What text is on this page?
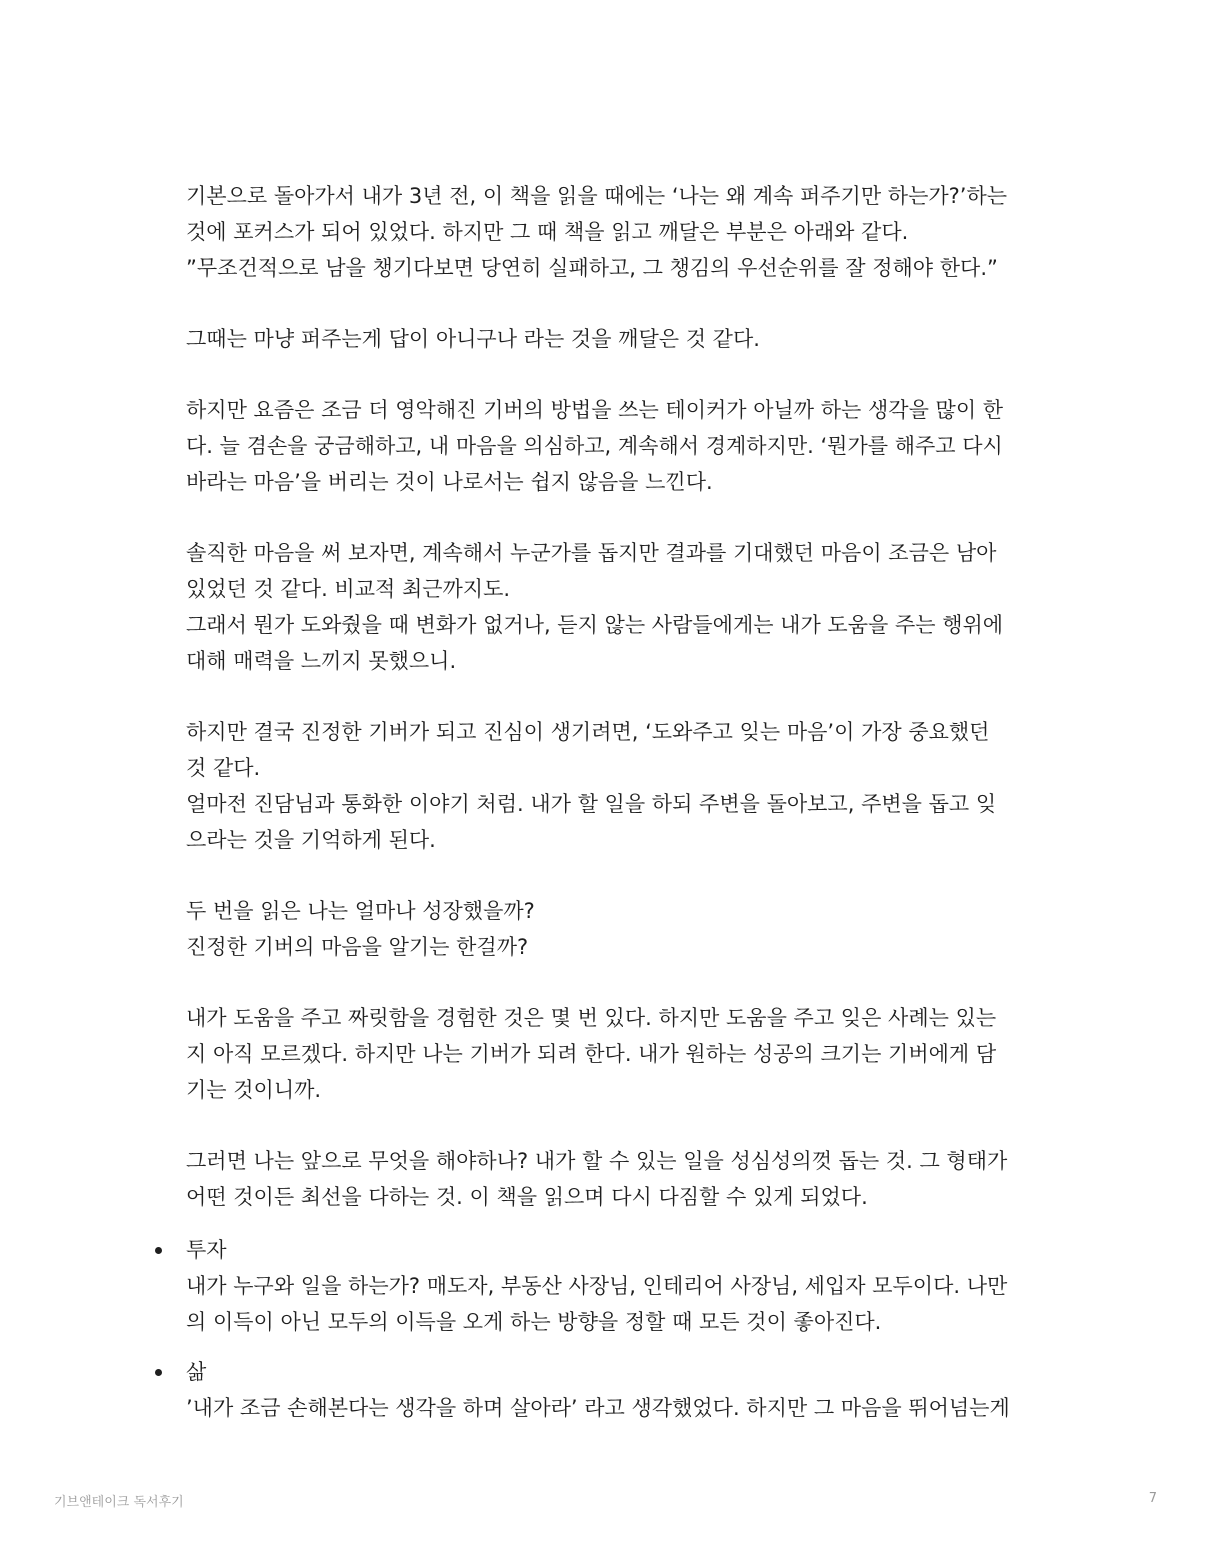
기본으로 돌아가서 내가 3년 전, 이 책을 읽을 때에는 ‘나는 왜 계속 퍼주기만 하는가?’하는
것에 포커스가 되어 있었다. 하지만 그 때 책을 읽고 깨달은 부분은 아래와 같다.
”무조건적으로 남을 챙기다보면 당연히 실패하고, 그 챙김의 우선순위를 잘 정해야 한다.”

그때는 마냥 퍼주는게 답이 아니구나 라는 것을 깨달은 것 같다.

하지만 요즘은 조금 더 영악해진 기버의 방법을 쓰는 테이커가 아닐까 하는 생각을 많이 한
다. 늘 겸손을 궁금해하고, 내 마음을 의심하고, 계속해서 경계하지만. ‘뭔가를 해주고 다시
바라는 마음’을 버리는 것이 나로서는 쉽지 않음을 느낀다.

솔직한 마음을 써 보자면, 계속해서 누군가를 돕지만 결과를 기대했던 마음이 조금은 남아
있었던 것 같다. 비교적 최근까지도.
그래서 뭔가 도와줬을 때 변화가 없거나, 듣지 않는 사람들에게는 내가 도움을 주는 행위에
대해 매력을 느끼지 못했으니.

하지만 결국 진정한 기버가 되고 진심이 생기려면, ‘도와주고 잊는 마음’이 가장 중요했던
것 같다.
얼마전 진담님과 통화한 이야기 처럼. 내가 할 일을 하되 주변을 돌아보고, 주변을 돕고 잊
으라는 것을 기억하게 된다.

두 번을 읽은 나는 얼마나 성장했을까?
진정한 기버의 마음을 알기는 한걸까?

내가 도움을 주고 짜릿함을 경험한 것은 몇 번 있다. 하지만 도움을 주고 잊은 사례는 있는
지 아직 모르겠다. 하지만 나는 기버가 되려 한다. 내가 원하는 성공의 크기는 기버에게 담
기는 것이니까.

그러면 나는 앞으로 무엇을 해야하나? 내가 할 수 있는 일을 성심성의껏 돕는 것. 그 형태가
어떤 것이든 최선을 다하는 것. 이 책을 읽으며 다시 다짐할 수 있게 되었다.

투자
내가 누구와 일을 하는가? 매도자, 부동산 사장님, 인테리어 사장님, 세입자 모두이다. 나만
의 이득이 아닌 모두의 이득을 오게 하는 방향을 정할 때 모든 것이 좋아진다.
삶
’내가 조금 손해본다는 생각을 하며 살아라’ 라고 생각했었다. 하지만 그 마음을 뛰어넘는게
기브앤테이크 독서후기	7
